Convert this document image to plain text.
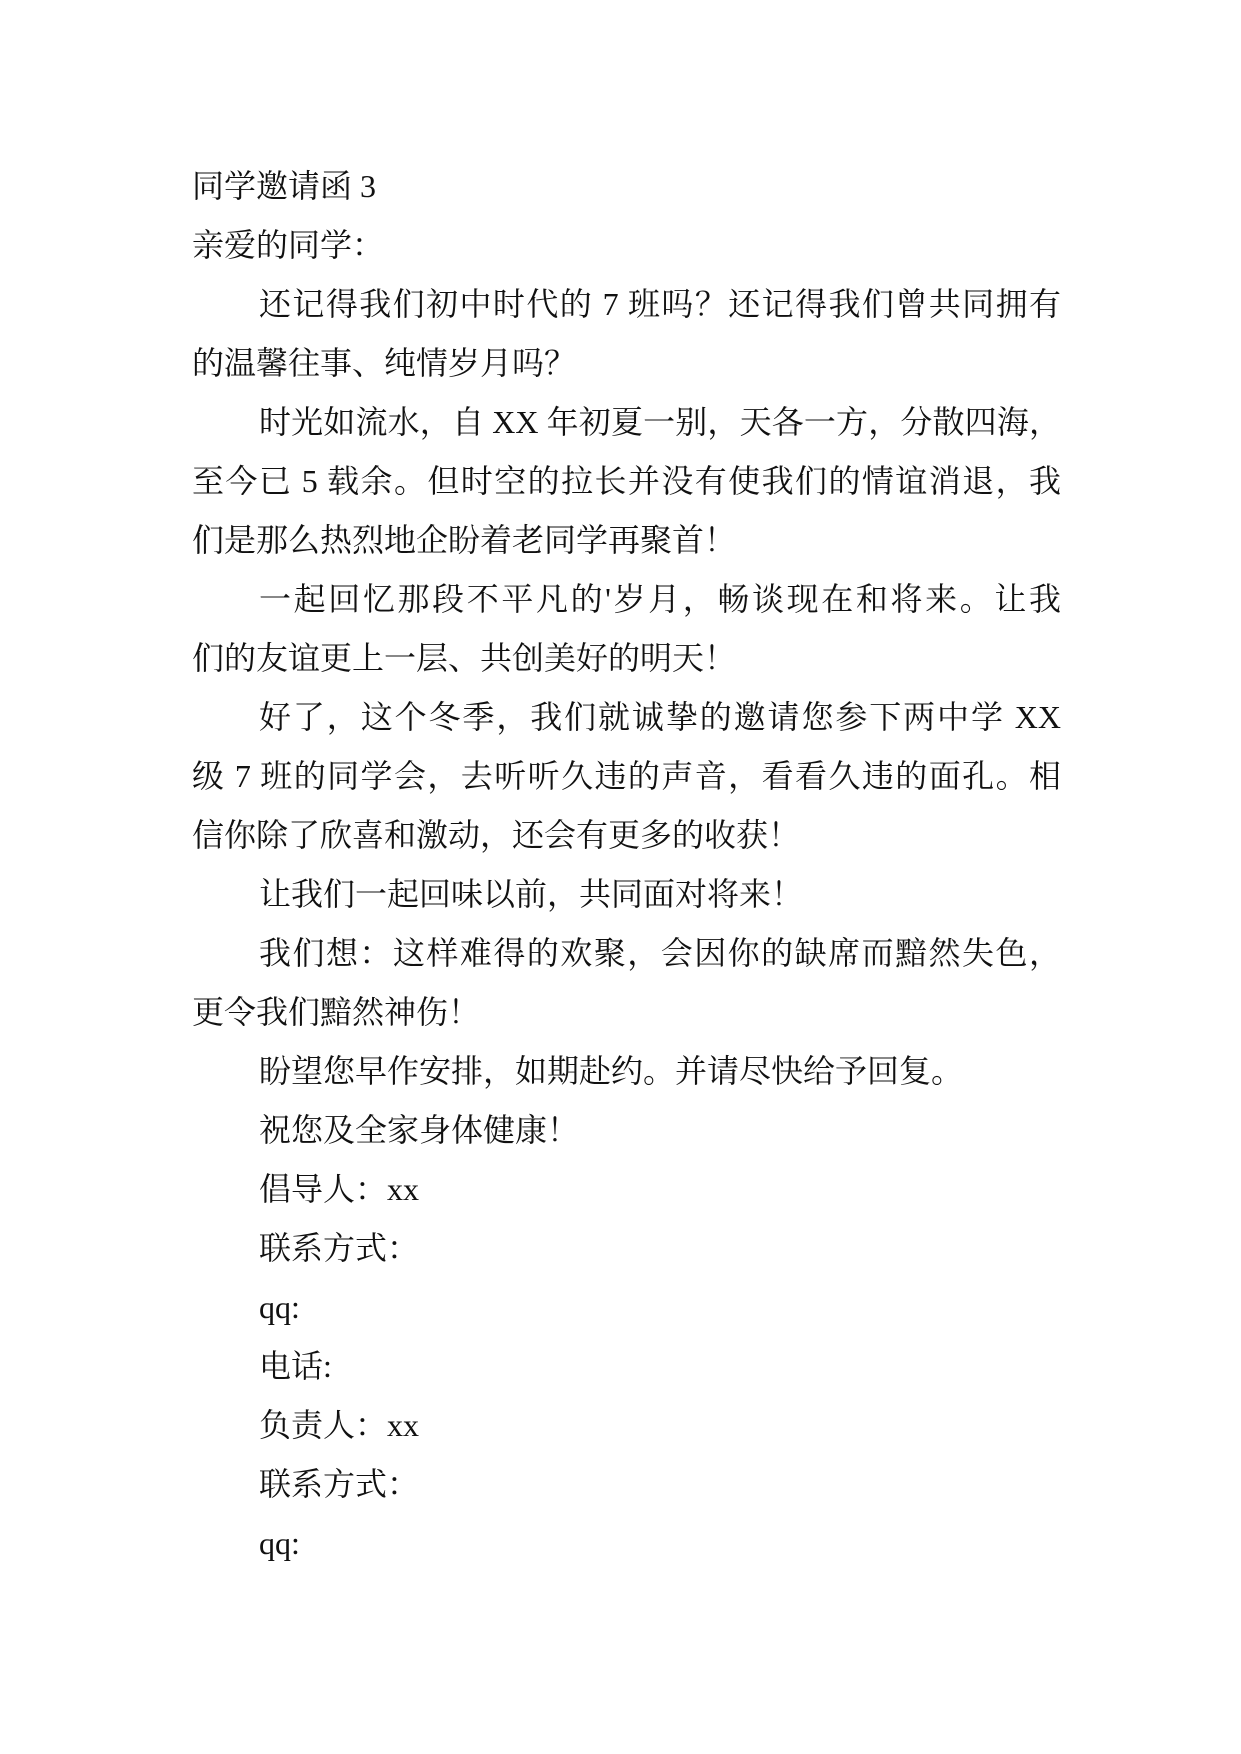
同学邀请函 3
亲爱的同学：
还记得我们初中时代的 7 班吗？还记得我们曾共同拥有
的温馨往事、纯情岁月吗？
时光如流水，自 XX 年初夏一别，天各一方，分散四海，
至今已 5 载余。但时空的拉长并没有使我们的情谊消退，我
们是那么热烈地企盼着老同学再聚首！
一起回忆那段不平凡的'岁月，畅谈现在和将来。让我
们的友谊更上一层、共创美好的明天！
好了，这个冬季，我们就诚挚的邀请您参下两中学 XX
级 7 班的同学会，去听听久违的声音，看看久违的面孔。相
信你除了欣喜和激动，还会有更多的收获！
让我们一起回味以前，共同面对将来！
我们想：这样难得的欢聚，会因你的缺席而黯然失色，
更令我们黯然神伤！
盼望您早作安排，如期赴约。并请尽快给予回复。
祝您及全家身体健康！
倡导人：xx
联系方式：
qq:
电话:
负责人：xx
联系方式：
qq:
